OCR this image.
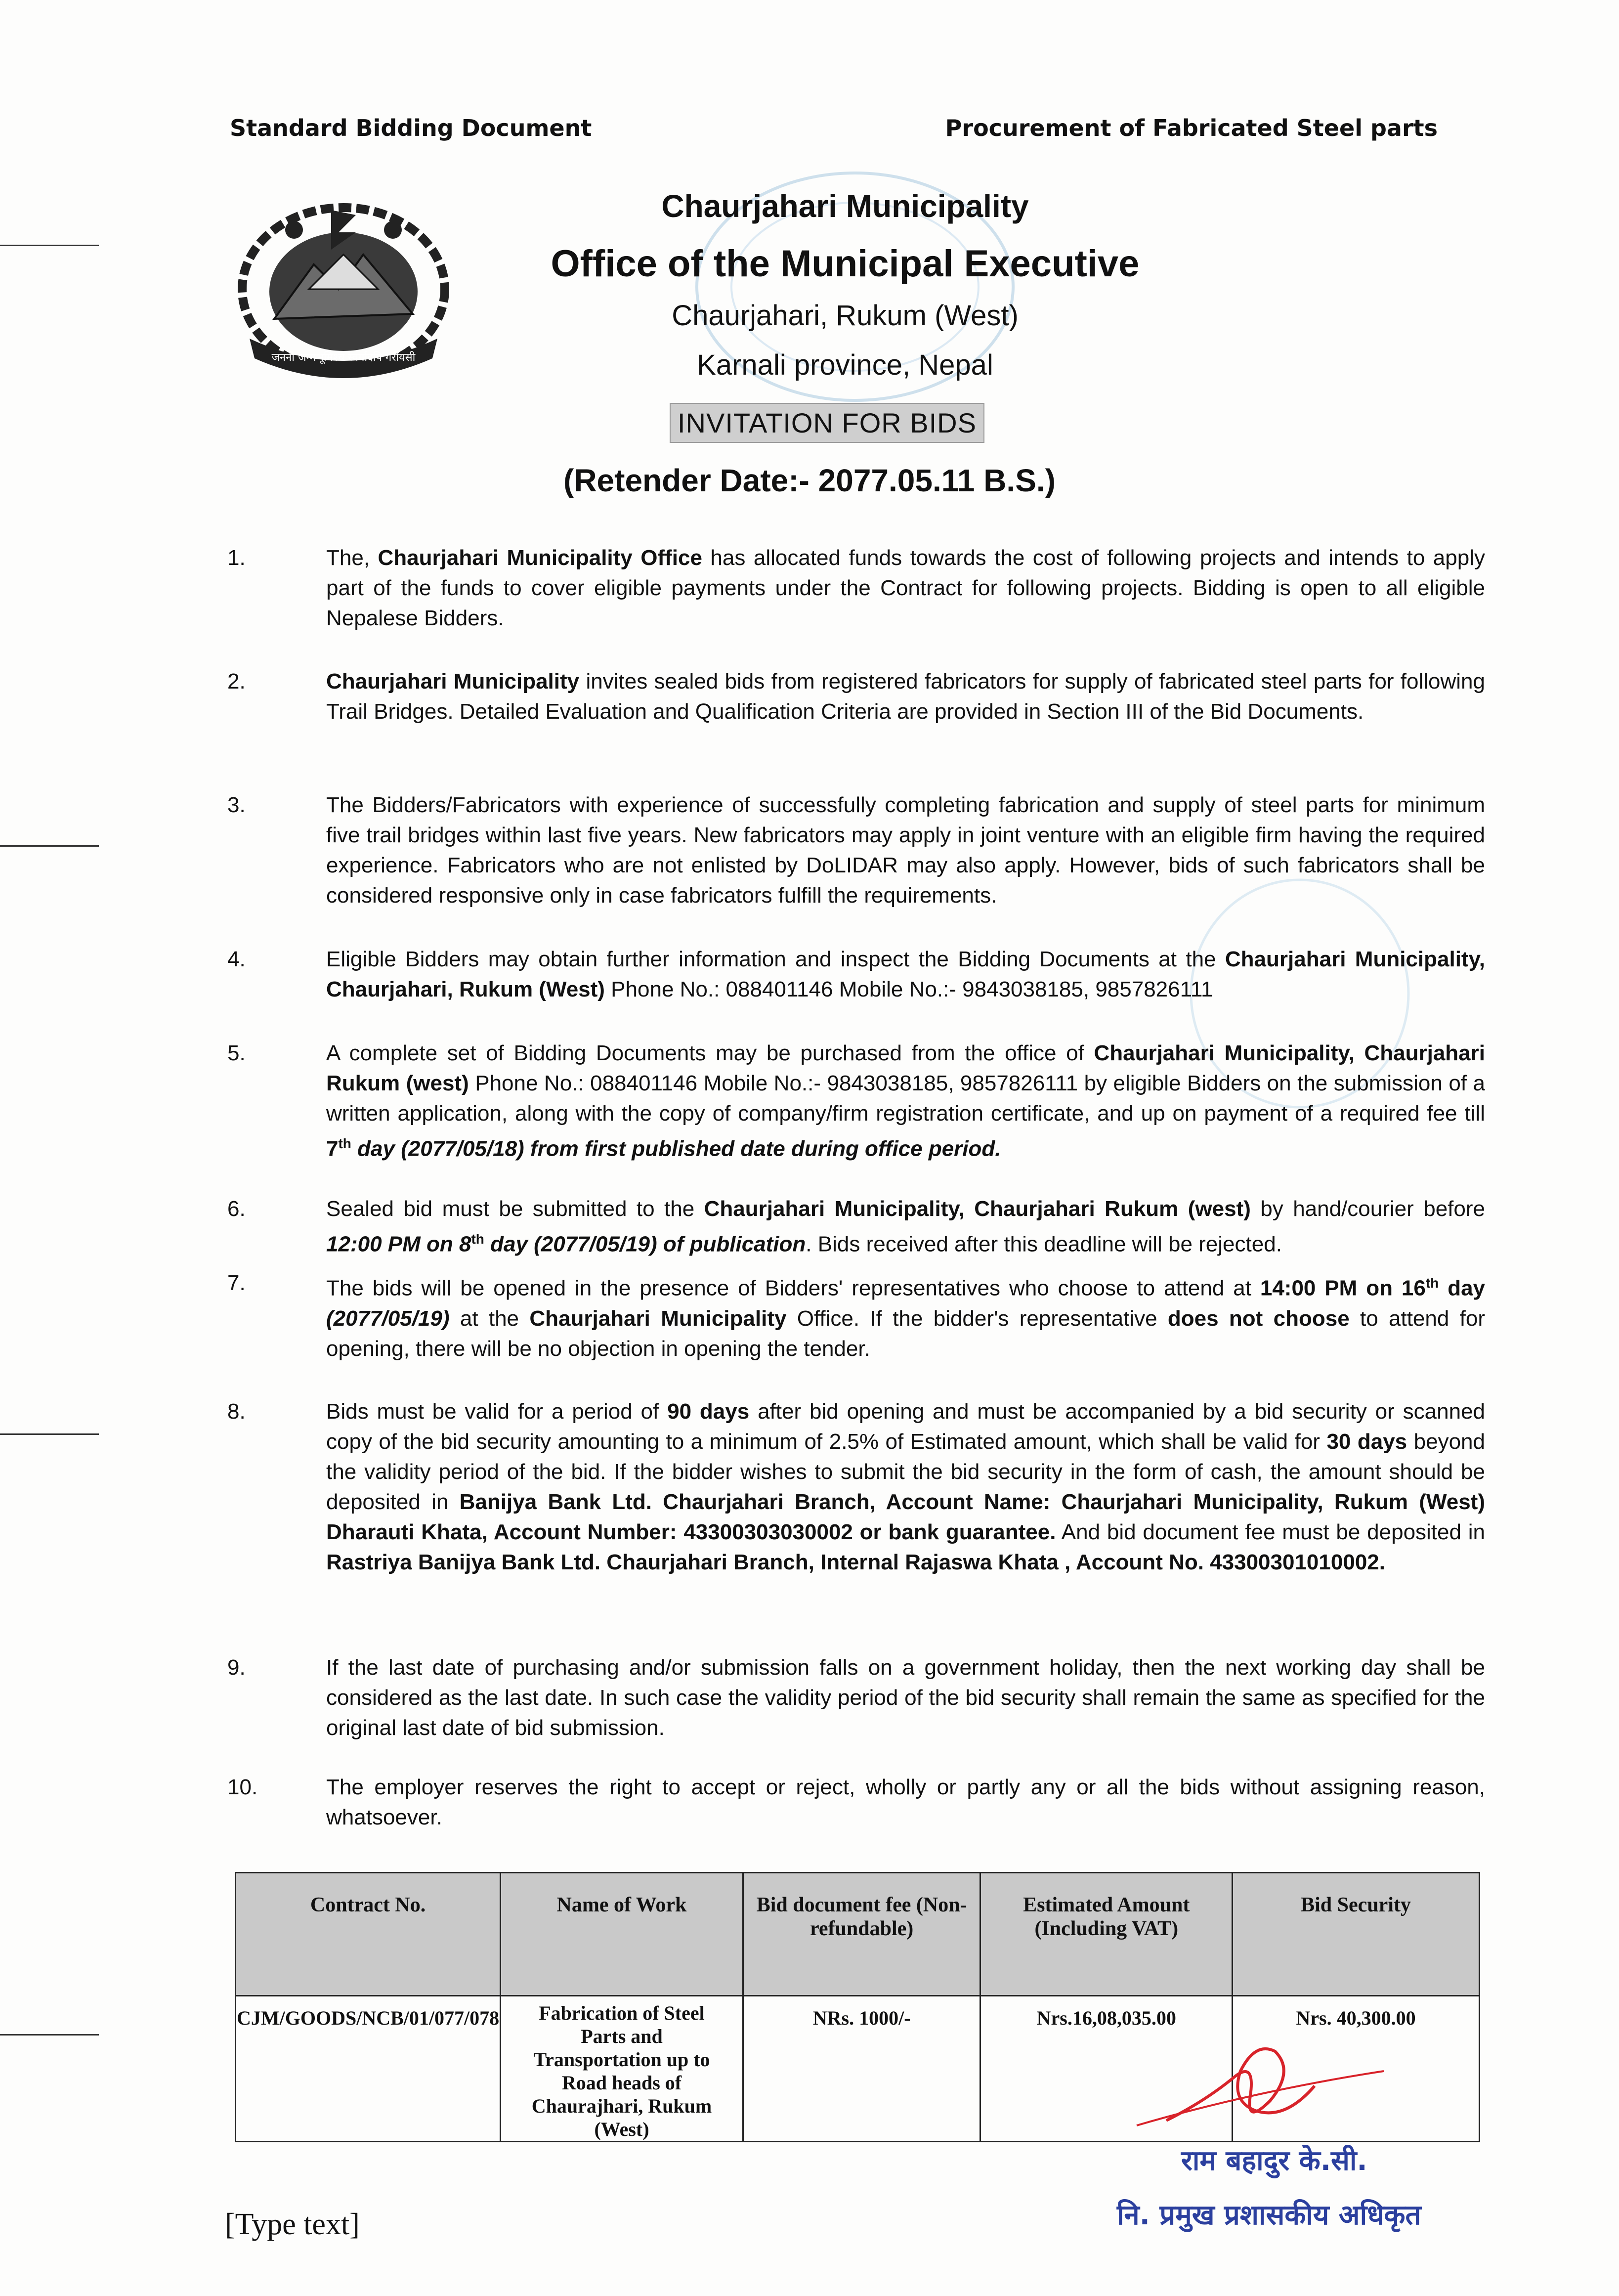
Standard Bidding Document	Procurement of Fabricated Steel parts
जननी जन्मभूमिश्च स्वर्गादपि गरीयसी
Chaurjahari Municipality
Office of the Municipal Executive
Chaurjahari, Rukum (West)
Karnali province, Nepal
INVITATION FOR BIDS
(Retender Date:- 2077.05.11 B.S.)
1.	The, Chaurjahari Municipality Office has allocated funds towards the cost of following projects and intends to apply part of the funds to cover eligible payments under the Contract for following projects. Bidding is open to all eligible Nepalese Bidders.
2.	Chaurjahari Municipality invites sealed bids from registered fabricators for supply of fabricated steel parts for following Trail Bridges. Detailed Evaluation and Qualification Criteria are provided in Section III of the Bid Documents.
3.	The Bidders/Fabricators with experience of successfully completing fabrication and supply of steel parts for minimum five trail bridges within last five years. New fabricators may apply in joint venture with an eligible firm having the required experience. Fabricators who are not enlisted by DoLIDAR may also apply. However, bids of such fabricators shall be considered responsive only in case fabricators fulfill the requirements.
4.	Eligible Bidders may obtain further information and inspect the Bidding Documents at the Chaurjahari Municipality, Chaurjahari, Rukum (West) Phone No.: 088401146 Mobile No.:- 9843038185, 9857826111
5.	A complete set of Bidding Documents may be purchased from the office of Chaurjahari Municipality, Chaurjahari Rukum (west) Phone No.: 088401146 Mobile No.:- 9843038185, 9857826111 by eligible Bidders on the submission of a written application, along with the copy of company/firm registration certificate, and up on payment of a required fee till 7th day (2077/05/18) from first published date during office period.
6.	Sealed bid must be submitted to the Chaurjahari Municipality, Chaurjahari Rukum (west) by hand/courier before 12:00 PM on 8th day (2077/05/19) of publication. Bids received after this deadline will be rejected.
7.	The bids will be opened in the presence of Bidders' representatives who choose to attend at 14:00 PM on 16th day (2077/05/19) at the Chaurjahari Municipality Office. If the bidder's representative does not choose to attend for opening, there will be no objection in opening the tender.
8.	Bids must be valid for a period of 90 days after bid opening and must be accompanied by a bid security or scanned copy of the bid security amounting to a minimum of 2.5% of Estimated amount, which shall be valid for 30 days beyond the validity period of the bid. If the bidder wishes to submit the bid security in the form of cash, the amount should be deposited in Banijya Bank Ltd. Chaurjahari Branch, Account Name: Chaurjahari Municipality, Rukum (West) Dharauti Khata, Account Number: 43300303030002 or bank guarantee. And bid document fee must be deposited in Rastriya Banijya Bank Ltd. Chaurjahari Branch, Internal Rajaswa Khata , Account No. 43300301010002.
9.	If the last date of purchasing and/or submission falls on a government holiday, then the next working day shall be considered as the last date. In such case the validity period of the bid security shall remain the same as specified for the original last date of bid submission.
10.	The employer reserves the right to accept or reject, wholly or partly any or all the bids without assigning reason, whatsoever.
Contract No.	Name of Work	Bid document fee (Non- refundable)	Estimated Amount (Including VAT)	Bid Security
CJM/GOODS/NCB/01/077/078	Fabrication of Steel Parts and Transportation up to Road heads of Chaurajhari, Rukum (West)	NRs. 1000/-	Nrs.16,08,035.00	Nrs. 40,300.00
[Type text]
राम बहादुर के.सी.
नि. प्रमुख प्रशासकीय अधिकृत
